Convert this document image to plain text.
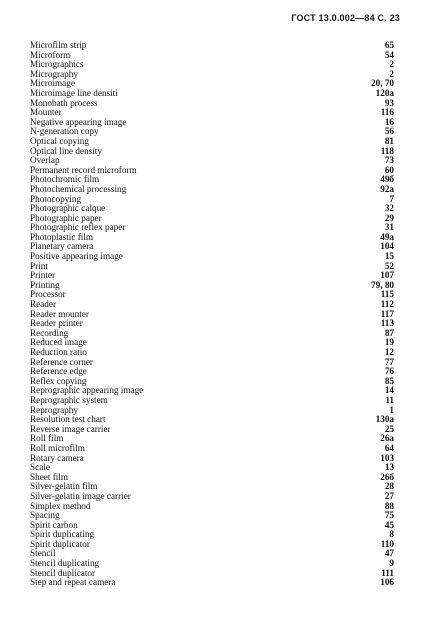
ГОСТ 13.0.002—84 С. 23
Microfilm strip	65
Microform	54
Micrographics	2
Micrography	2
Microimage	20, 70
Microimage line densiti	120a
Monobath process	93
Mounter	116
Negative appearing image	16
N-generation copy	56
Optical copying	81
Optical line density	118
Overlap	73
Permanent record microform	60
Photochromic film	49б
Photochemical processing	92a
Photocopying	7
Photographic calque	32
Photographic paper	29
Photographic reflex paper	31
Photoplastic film	49a
Planetary camera	104
Positive appearing image	15
Print	52
Printer	107
Printing	79, 80
Processor	115
Reader	112
Reader mounter	117
Reader printer	113
Recording	87
Reduced image	19
Reduction ratio	12
Reference corner	77
Reference edge	76
Reflex copying	85
Reprographic appearing image	14
Reprographic system	11
Reprography	1
Resolution test chart	130a
Reverse image carrier	25
Roll film	26a
Roll microfilm	64
Rotary camera	103
Scale	13
Sheet film	26б
Silver-gelatin film	28
Silver-gelatin image carrier	27
Simplex method	88
Spacing	75
Spirit carbon	45
Spirit duplicating	8
Spirit duplicator	110
Stencil	47
Stencil duplicating	9
Stencil duplicator	111
Step and repeat camera	106
